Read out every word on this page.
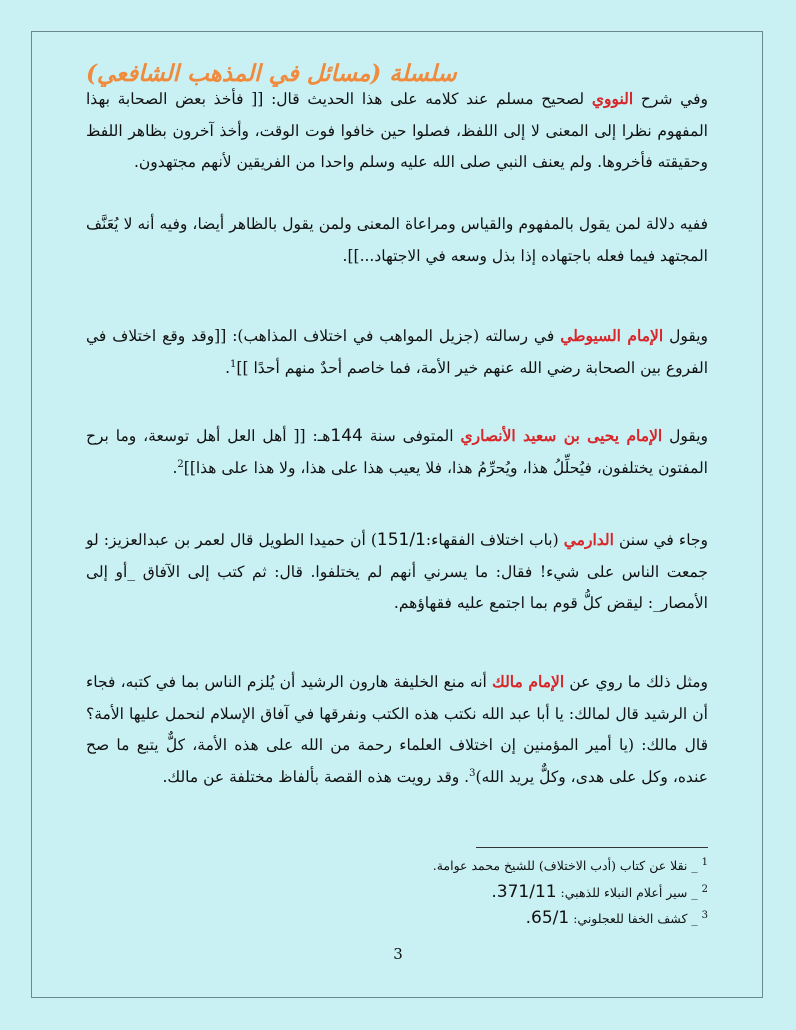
سلسلة (مسائل في المذهب الشافعي)

وفي شرح النووي لصحيح مسلم عند كلامه على هذا الحديث قال: [[ فأخذ بعض الصحابة بهذا المفهوم نظرا إلى المعنى لا إلى اللفظ، فصلوا حين خافوا فوت الوقت، وأخذ آخرون بظاهر اللفظ وحقيقته فأخروها. ولم يعنف النبي صلى الله عليه وسلم واحدا من الفريقين لأنهم مجتهدون.

ففيه دلالة لمن يقول بالمفهوم والقياس ومراعاة المعنى ولمن يقول بالظاهر أيضا، وفيه أنه لا يُعَنَّف المجتهد فيما فعله باجتهاده إذا بذل وسعه في الاجتهاد...]].

ويقول الإمام السيوطي في رسالته (جزيل المواهب في اختلاف المذاهب): [[وقد وقع اختلاف في الفروع بين الصحابة رضي الله عنهم خير الأمة، فما خاصم أحدٌ منهم أحدًا ]]$^1$.

ويقول الإمام يحيى بن سعيد الأنصاري المتوفى سنة 144هـ: [[ أهل العل أهل توسعة، وما برح المفتون يختلفون، فيُحلِّلُ هذا، ويُحرِّمُ هذا، فلا يعيب هذا على هذا، ولا هذا على هذا]]$^2$.

وجاء في سنن الدارمي (باب اختلاف الفقهاء:151/1) أن حميدا الطويل قال لعمر بن عبدالعزيز: لو جمعت الناس على شيء! فقال: ما يسرني أنهم لم يختلفوا. قال: ثم كتب إلى الآفاق _أو إلى الأمصار_: ليقض كلُّ قوم بما اجتمع عليه فقهاؤهم.

ومثل ذلك ما روي عن الإمام مالك أنه منع الخليفة هارون الرشيد أن يُلزم الناس بما في كتبه، فجاء أن الرشيد قال لمالك: يا أبا عبد الله نكتب هذه الكتب ونفرقها في آفاق الإسلام لنحمل عليها الأمة؟ قال مالك: (يا أمير المؤمنين إن اختلاف العلماء رحمة من الله على هذه الأمة، كلٌّ يتبع ما صح عنده، وكل على هدى، وكلٌّ يريد الله)$^3$. وقد رويت هذه القصة بألفاظ مختلفة عن مالك.

$^1$ _ نقلا عن كتاب (أدب الاختلاف) للشيخ محمد عوامة.
$^2$ _ سير أعلام النبلاء للذهبي: 371/11.
$^3$ _ كشف الخفا للعجلوني: 65/1.
3
